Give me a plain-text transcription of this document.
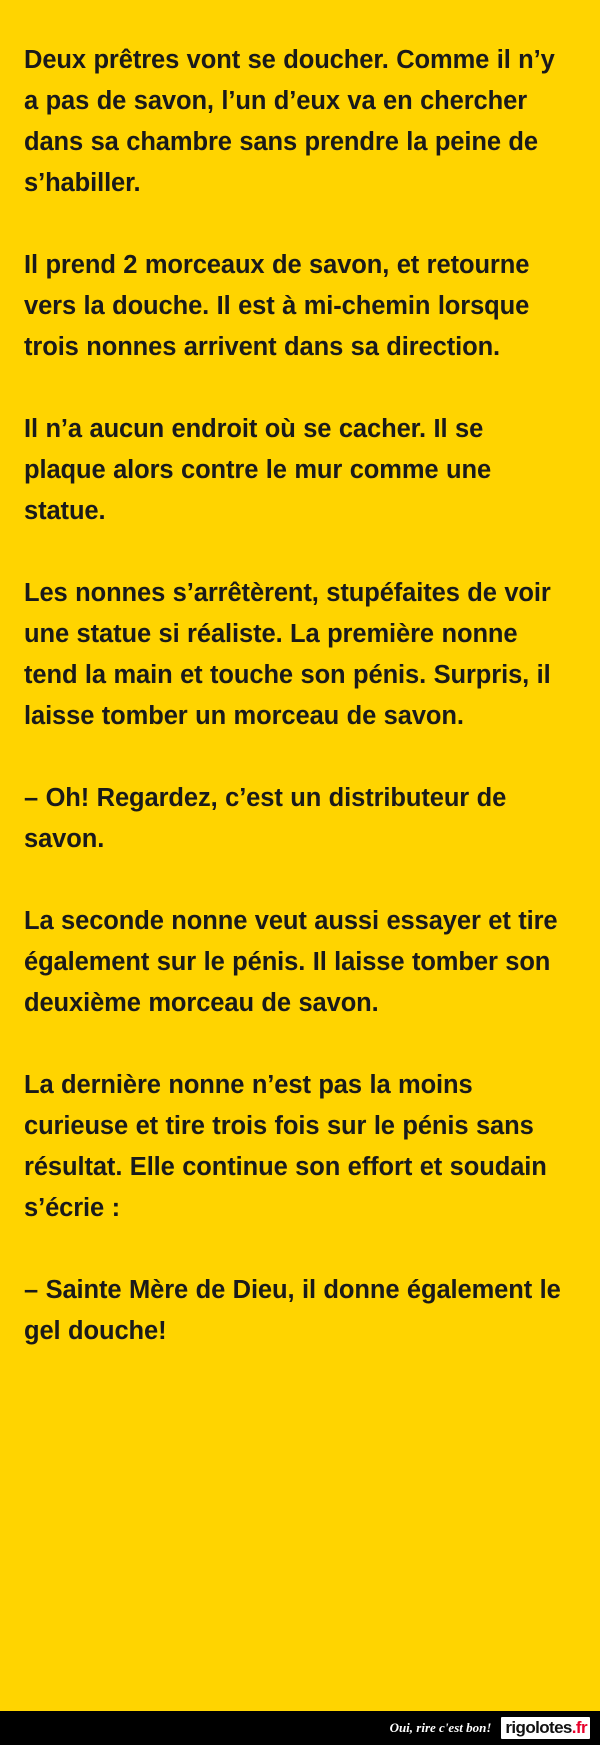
Deux prêtres vont se doucher. Comme il n’y a pas de savon, l’un d’eux va en chercher dans sa chambre sans prendre la peine de s’habiller.

Il prend 2 morceaux de savon, et retourne vers la douche. Il est à mi-chemin lorsque trois nonnes arrivent dans sa direction.

Il n’a aucun endroit où se cacher. Il se plaque alors contre le mur comme une statue.

Les nonnes s’arrêtèrent, stupéfaites de voir une statue si réaliste. La première nonne tend la main et touche son pénis. Surpris, il laisse tomber un morceau de savon.

– Oh! Regardez, c’est un distributeur de savon.

La seconde nonne veut aussi essayer et tire également sur le pénis. Il laisse tomber son deuxième morceau de savon.

La dernière nonne n’est pas la moins curieuse et tire trois fois sur le pénis sans résultat. Elle continue son effort et soudain s’écrie :

– Sainte Mère de Dieu, il donne également le gel douche!

Oui, rire c'est bon! rigolotes .fr
